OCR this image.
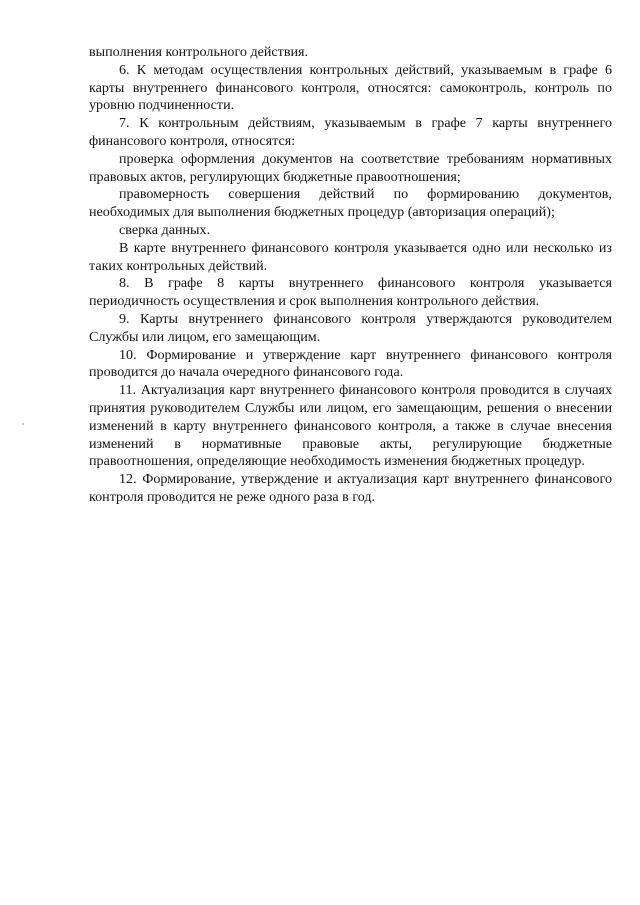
выполнения контрольного действия.

6. К методам осуществления контрольных действий, указываемым в графе 6 карты внутреннего финансового контроля, относятся: самоконтроль, контроль по уровню подчиненности.

7. К контрольным действиям, указываемым в графе 7 карты внутреннего финансового контроля, относятся:

проверка оформления документов на соответствие требованиям нормативных правовых актов, регулирующих бюджетные правоотношения;

правомерность совершения действий по формированию документов, необходимых для выполнения бюджетных процедур (авторизация операций);

сверка данных.

В карте внутреннего финансового контроля указывается одно или несколько из таких контрольных действий.

8. В графе 8 карты внутреннего финансового контроля указывается периодичность осуществления и срок выполнения контрольного действия.

9. Карты внутреннего финансового контроля утверждаются руководителем Службы или лицом, его замещающим.

10. Формирование и утверждение карт внутреннего финансового контроля проводится до начала очередного финансового года.

11. Актуализация карт внутреннего финансового контроля проводится в случаях принятия руководителем Службы или лицом, его замещающим, решения о внесении изменений в карту внутреннего финансового контроля, а также в случае внесения изменений в нормативные правовые акты, регулирующие бюджетные правоотношения, определяющие необходимость изменения бюджетных процедур.

12. Формирование, утверждение и актуализация карт внутреннего финансового контроля проводится не реже одного раза в год.
